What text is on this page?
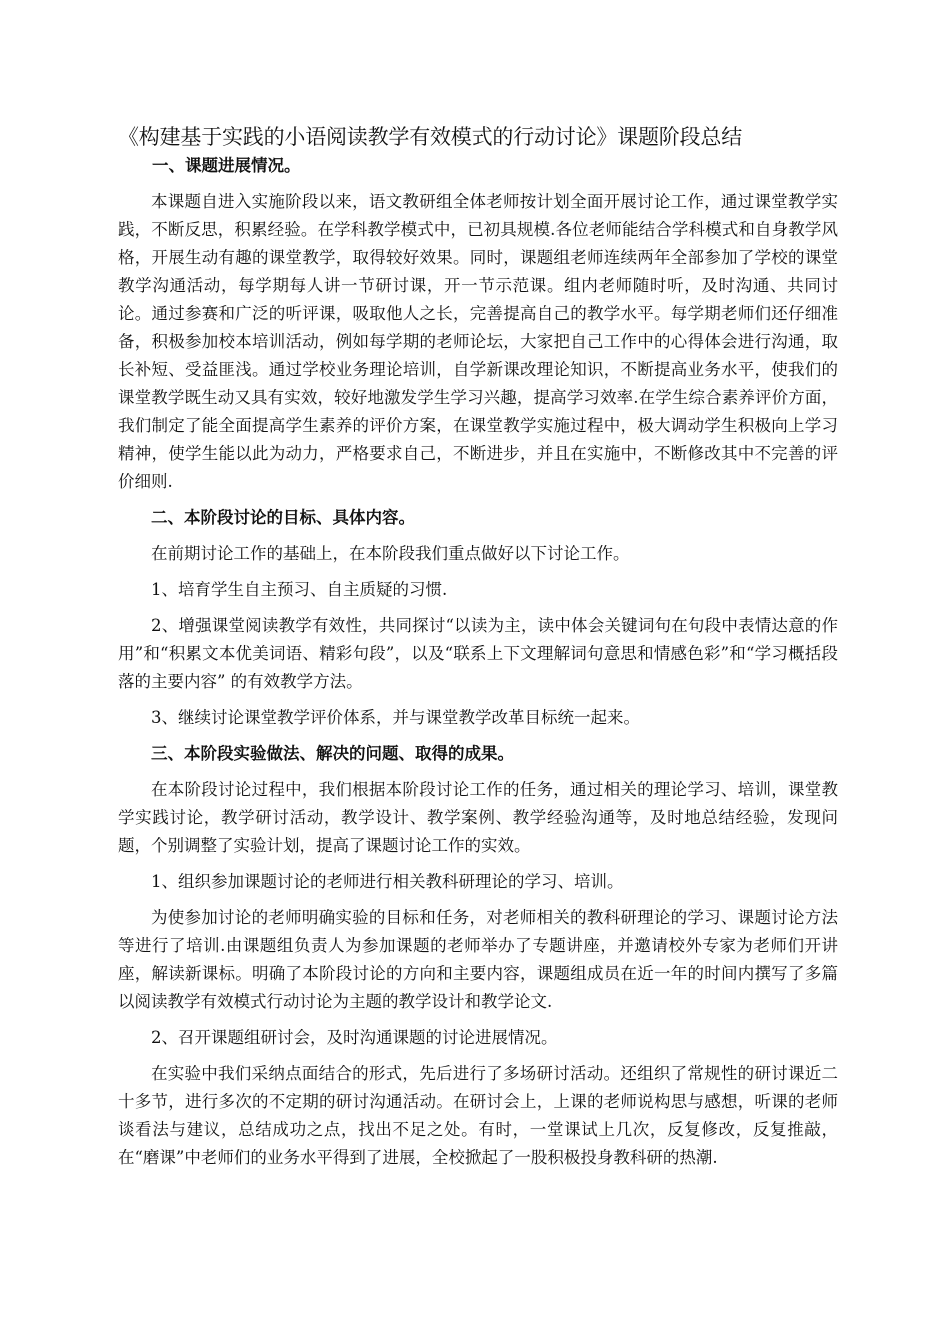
《构建基于实践的小语阅读教学有效模式的行动讨论》课题阶段总结
一、课题进展情况。

本课题自进入实施阶段以来，语文教研组全体老师按计划全面开展讨论工作，通过课堂教学实践，不断反思，积累经验。在学科教学模式中，已初具规模.各位老师能结合学科模式和自身教学风格，开展生动有趣的课堂教学，取得较好效果。同时，课题组老师连续两年全部参加了学校的课堂教学沟通活动，每学期每人讲一节研讨课，开一节示范课。组内老师随时听，及时沟通、共同讨论。通过参赛和广泛的听评课，吸取他人之长，完善提高自己的教学水平。每学期老师们还仔细准备，积极参加校本培训活动，例如每学期的老师论坛，大家把自己工作中的心得体会进行沟通，取长补短、受益匪浅。通过学校业务理论培训，自学新课改理论知识，不断提高业务水平，使我们的课堂教学既生动又具有实效，较好地激发学生学习兴趣，提高学习效率.在学生综合素养评价方面，我们制定了能全面提高学生素养的评价方案，在课堂教学实施过程中，极大调动学生积极向上学习精神，使学生能以此为动力，严格要求自己，不断进步，并且在实施中，不断修改其中不完善的评价细则.

二、本阶段讨论的目标、具体内容。

在前期讨论工作的基础上，在本阶段我们重点做好以下讨论工作。

1、培育学生自主预习、自主质疑的习惯.

2、增强课堂阅读教学有效性，共同探讨“以读为主，读中体会关键词句在句段中表情达意的作用”和“积累文本优美词语、精彩句段”，以及“联系上下文理解词句意思和情感色彩”和“学习概括段落的主要内容” 的有效教学方法。

3、继续讨论课堂教学评价体系，并与课堂教学改革目标统一起来。

三、本阶段实验做法、解决的问题、取得的成果。

在本阶段讨论过程中，我们根据本阶段讨论工作的任务，通过相关的理论学习、培训，课堂教学实践讨论，教学研讨活动，教学设计、教学案例、教学经验沟通等，及时地总结经验，发现问题，个别调整了实验计划，提高了课题讨论工作的实效。

1、组织参加课题讨论的老师进行相关教科研理论的学习、培训。

为使参加讨论的老师明确实验的目标和任务，对老师相关的教科研理论的学习、课题讨论方法等进行了培训.由课题组负责人为参加课题的老师举办了专题讲座，并邀请校外专家为老师们开讲座，解读新课标。明确了本阶段讨论的方向和主要内容，课题组成员在近一年的时间内撰写了多篇以阅读教学有效模式行动讨论为主题的教学设计和教学论文.

2、召开课题组研讨会，及时沟通课题的讨论进展情况。

在实验中我们采纳点面结合的形式，先后进行了多场研讨活动。还组织了常规性的研讨课近二十多节，进行多次的不定期的研讨沟通活动。在研讨会上，上课的老师说构思与感想，听课的老师谈看法与建议，总结成功之点，找出不足之处。有时，一堂课试上几次，反复修改，反复推敲，在“磨课”中老师们的业务水平得到了进展，全校掀起了一股积极投身教科研的热潮.
